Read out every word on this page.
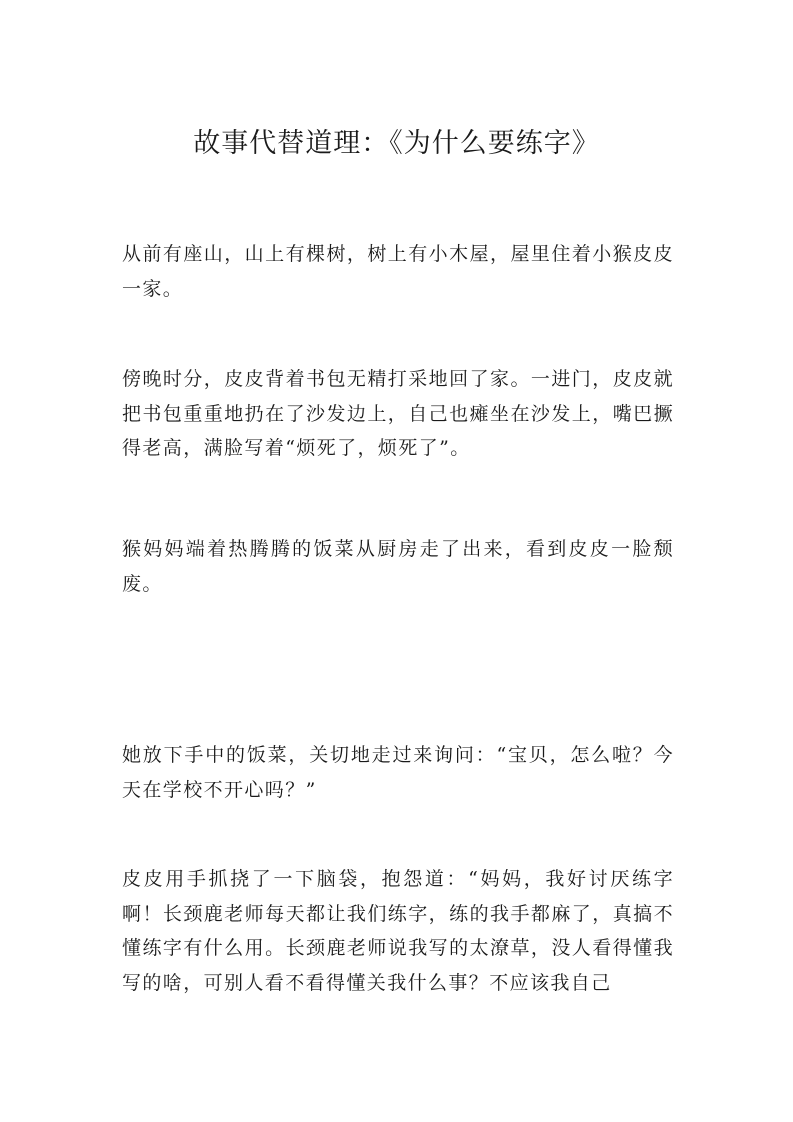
故事代替道理：《为什么要练字》

从前有座山，山上有棵树，树上有小木屋，屋里住着小猴皮皮一家。

傍晚时分，皮皮背着书包无精打采地回了家。一进门，皮皮就把书包重重地扔在了沙发边上，自己也瘫坐在沙发上，嘴巴撅得老高，满脸写着“烦死了，烦死了”。

猴妈妈端着热腾腾的饭菜从厨房走了出来，看到皮皮一脸颓废。

她放下手中的饭菜，关切地走过来询问：“宝贝，怎么啦？今天在学校不开心吗？”

皮皮用手抓挠了一下脑袋，抱怨道：“妈妈，我好讨厌练字啊！长颈鹿老师每天都让我们练字，练的我手都麻了，真搞不懂练字有什么用。长颈鹿老师说我写的太潦草，没人看得懂我写的啥，可别人看不看得懂关我什么事？不应该我自己
